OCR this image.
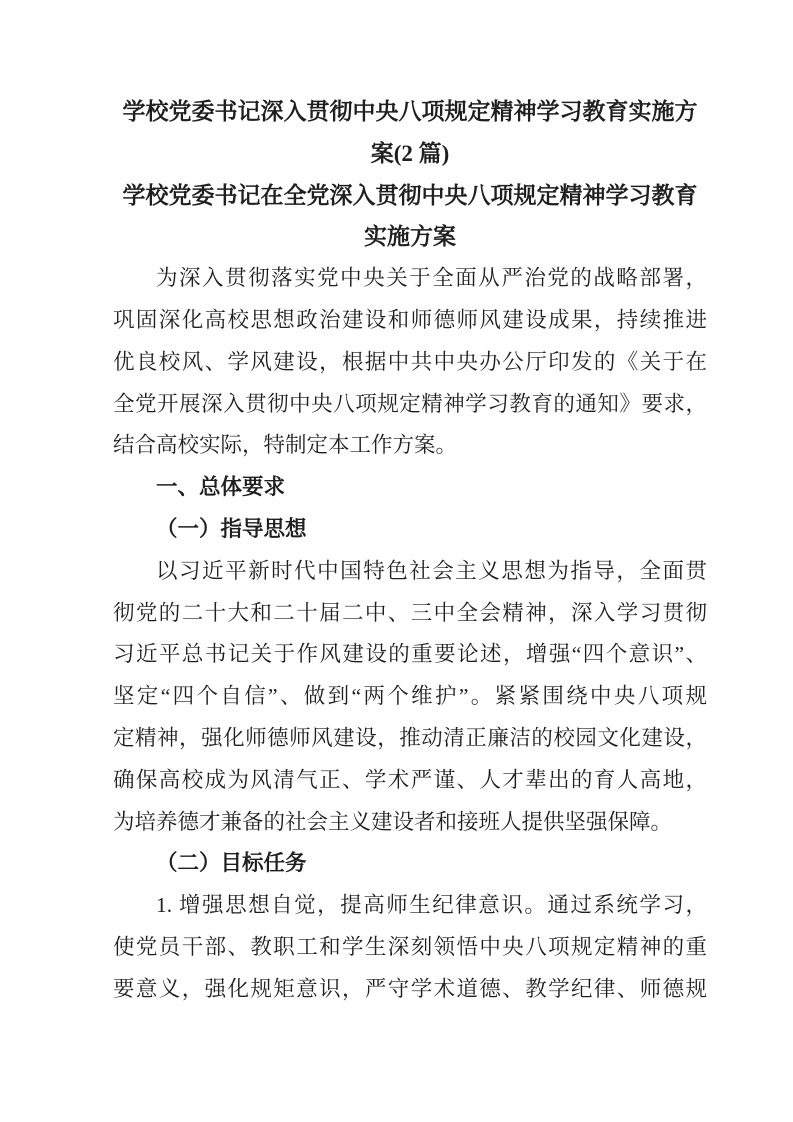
学校党委书记深入贯彻中央八项规定精神学习教育实施方
案(2 篇)
学校党委书记在全党深入贯彻中央八项规定精神学习教育
实施方案
为深入贯彻落实党中央关于全面从严治党的战略部署，
巩固深化高校思想政治建设和师德师风建设成果，持续推进
优良校风、学风建设，根据中共中央办公厅印发的《关于在
全党开展深入贯彻中央八项规定精神学习教育的通知》要求，
结合高校实际，特制定本工作方案。
一、总体要求
（一）指导思想
以习近平新时代中国特色社会主义思想为指导，全面贯
彻党的二十大和二十届二中、三中全会精神，深入学习贯彻
习近平总书记关于作风建设的重要论述，增强“四个意识”、
坚定“四个自信”、做到“两个维护”。紧紧围绕中央八项规
定精神，强化师德师风建设，推动清正廉洁的校园文化建设，
确保高校成为风清气正、学术严谨、人才辈出的育人高地，
为培养德才兼备的社会主义建设者和接班人提供坚强保障。
（二）目标任务
1. 增强思想自觉，提高师生纪律意识。通过系统学习，
使党员干部、教职工和学生深刻领悟中央八项规定精神的重
要意义，强化规矩意识，严守学术道德、教学纪律、师德规
